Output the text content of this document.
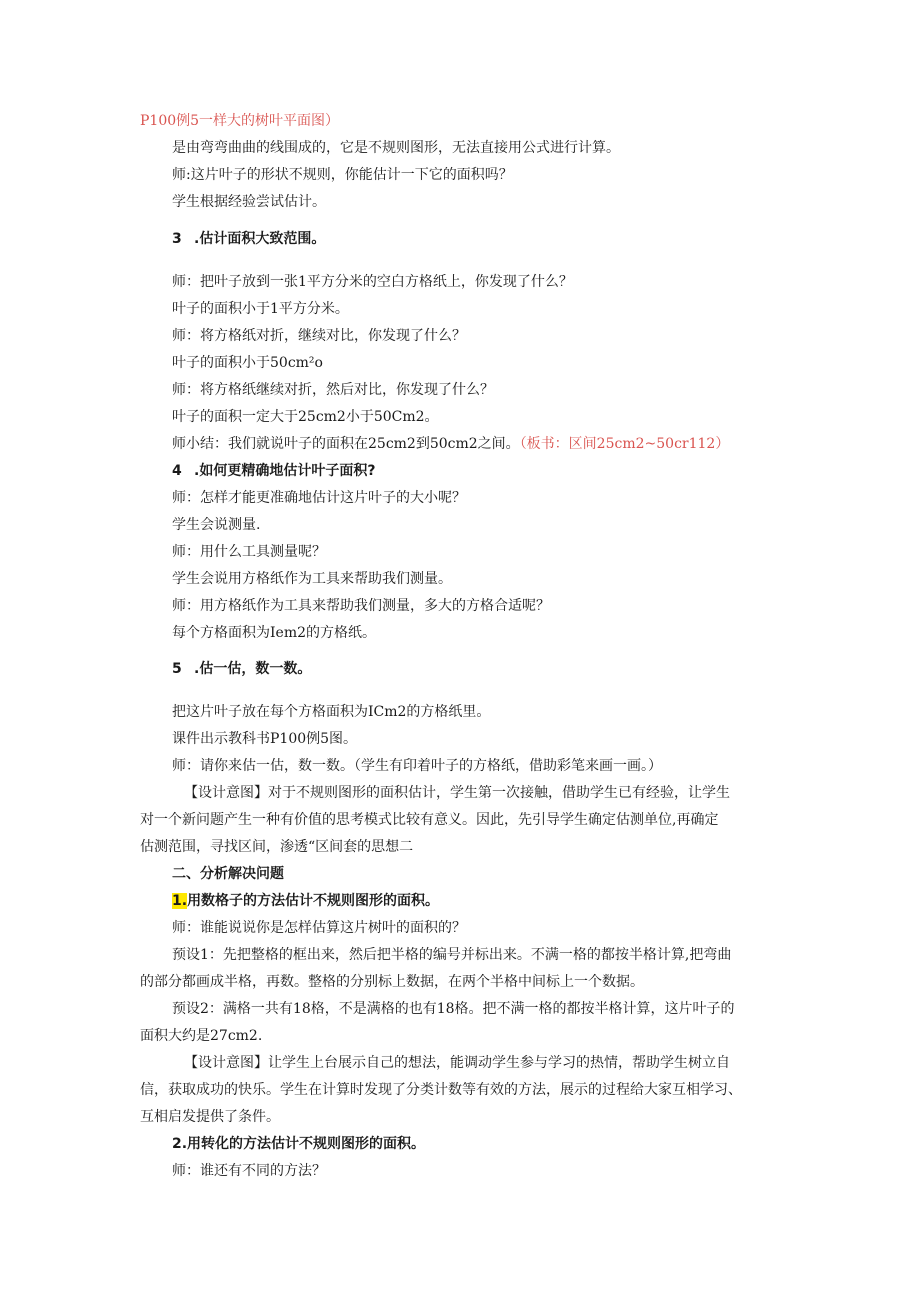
P100例5一样大的树叶平面图）
是由弯弯曲曲的线围成的，它是不规则图形，无法直接用公式进行计算。
师:这片叶子的形状不规则，你能估计一下它的面积吗？
学生根据经验尝试估计。
3 .估计面积大致范围。
师：把叶子放到一张1平方分米的空白方格纸上，你发现了什么？
叶子的面积小于1平方分米。
师：将方格纸对折，继续对比，你发现了什么？
叶子的面积小于50cm²o
师：将方格纸继续对折，然后对比，你发现了什么？
叶子的面积一定大于25cm2小于50Cm2。
师小结：我们就说叶子的面积在25cm2到50cm2之间。（板书：区间25cm2~50cr112）
4 .如何更精确地估计叶子面积?
师：怎样才能更准确地估计这片叶子的大小呢？
学生会说测量.
师：用什么工具测量呢？
学生会说用方格纸作为工具来帮助我们测量。
师：用方格纸作为工具来帮助我们测量，多大的方格合适呢？
每个方格面积为Iem2的方格纸。
5 .估一估，数一数。
把这片叶子放在每个方格面积为ICm2的方格纸里。
课件出示教科书P100例5图。
师：请你来估一估，数一数。（学生有印着叶子的方格纸，借助彩笔来画一画。）
【设计意图】对于不规则图形的面积估计，学生第一次接触，借助学生已有经验，让学生
对一个新问题产生一种有价值的思考模式比较有意义。因此，先引导学生确定估测单位,再确定
估测范围，寻找区间，渗透“区间套的思想二
二、分析解决问题
1.用数格子的方法估计不规则图形的面积。
师：谁能说说你是怎样估算这片树叶的面积的？
预设1：先把整格的框出来，然后把半格的编号并标出来。不满一格的都按半格计算,把弯曲
的部分都画成半格，再数。整格的分别标上数据，在两个半格中间标上一个数据。
预设2：满格一共有18格，不是满格的也有18格。把不满一格的都按半格计算，这片叶子的
面积大约是27cm2.
【设计意图】让学生上台展示自己的想法，能调动学生参与学习的热情，帮助学生树立自
信，获取成功的快乐。学生在计算时发现了分类计数等有效的方法，展示的过程给大家互相学习、
互相启发提供了条件。
2.用转化的方法估计不规则图形的面积。
师：谁还有不同的方法？
